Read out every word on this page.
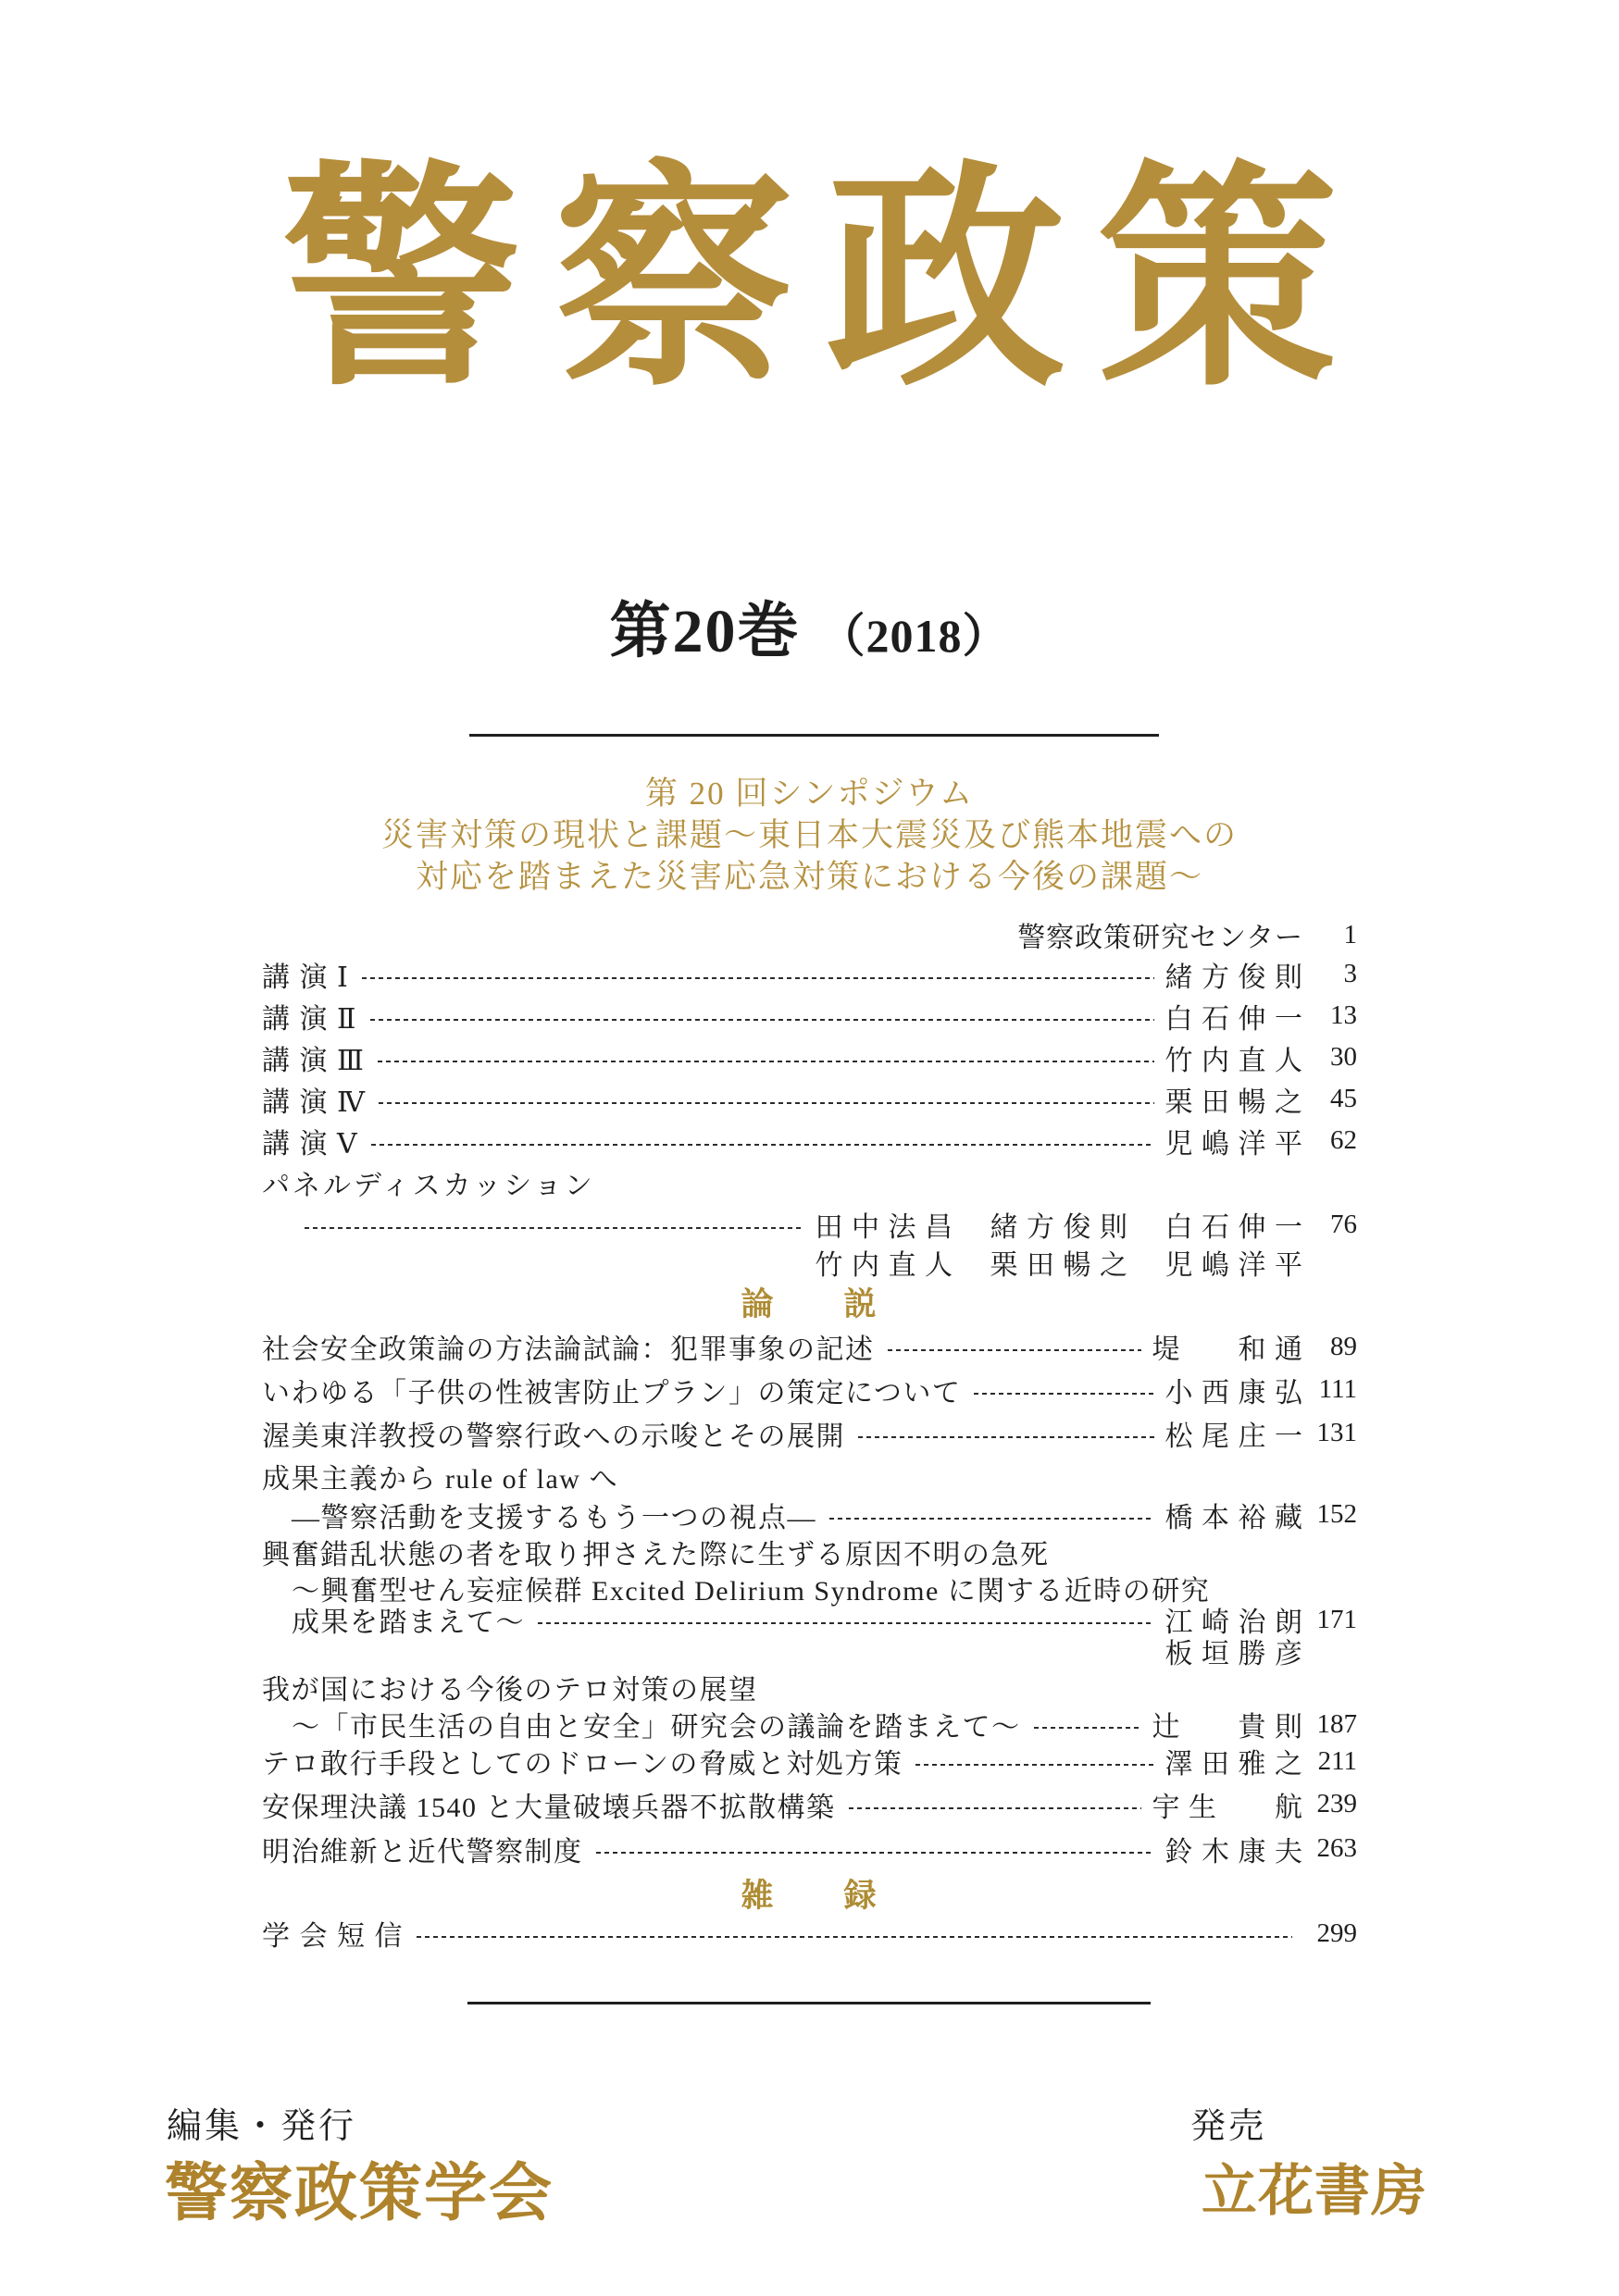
警察政策
第20巻 （2018）
第 20 回シンポジウム
災害対策の現状と課題～東日本大震災及び熊本地震への
対応を踏まえた災害応急対策における今後の課題～
警察政策研究センター	1
講 演 Ⅰ	緒 方 俊 則	3
講 演 Ⅱ	白 石 伸 一	13
講 演 Ⅲ	竹 内 直 人	30
講 演 Ⅳ	栗 田 暢 之	45
講 演 Ⅴ	児 嶋 洋 平	62
パネルディスカッション
田 中 法 昌　 緒 方 俊 則　 白 石 伸 一	76
竹 内 直 人　 栗 田 暢 之　 児 嶋 洋 平
論　　説
社会安全政策論の方法論試論：犯罪事象の記述	堤　　和 通	89
いわゆる「子供の性被害防止プラン」の策定について	小 西 康 弘 111
渥美東洋教授の警察行政への示唆とその展開	松 尾 庄 一 131
成果主義から rule of law へ
―警察活動を支援するもう一つの視点―	橋 本 裕 藏 152
興奮錯乱状態の者を取り押さえた際に生ずる原因不明の急死
～興奮型せん妄症候群 Excited Delirium Syndrome に関する近時の研究
成果を踏まえて～	江 崎 治 朗 171
板 垣 勝 彦
我が国における今後のテロ対策の展望
～「市民生活の自由と安全」研究会の議論を踏まえて～	辻　　貴 則 187
テロ敢行手段としてのドローンの脅威と対処方策	澤 田 雅 之 211
安保理決議 1540 と大量破壊兵器不拡散構築	宇 生　　航 239
明治維新と近代警察制度	鈴 木 康 夫 263
雑　　録
学 会 短 信	299
編集・発行
警察政策学会
発売
立花書房
